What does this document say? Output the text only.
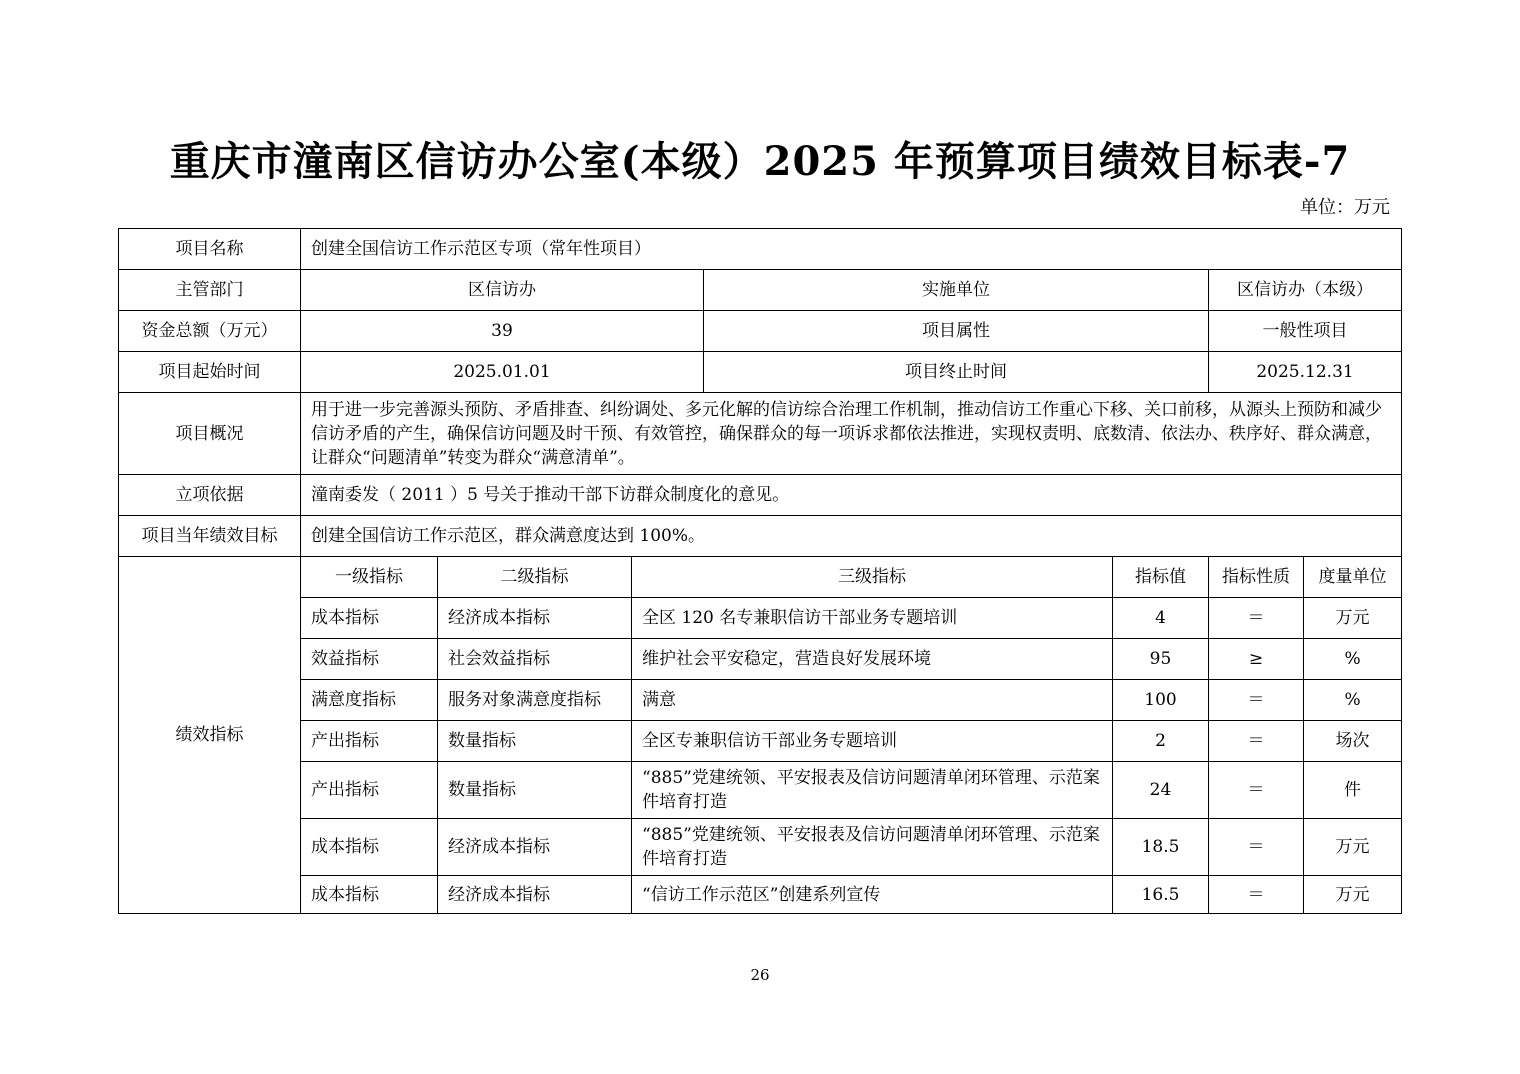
重庆市潼南区信访办公室(本级）2025 年预算项目绩效目标表-7
单位：万元
项目名称	创建全国信访工作示范区专项（常年性项目）						
主管部门	区信访办			实施单位		区信访办（本级）	
资金总额（万元）	39			项目属性		一般性项目	
项目起始时间	2025.01.01			项目终止时间		2025.12.31	
项目概况	用于进一步完善源头预防、矛盾排查、纠纷调处、多元化解的信访综合治理工作机制，推动信访工作重心下移、关口前移，从源头上预防和减少信访矛盾的产生，确保信访问题及时干预、有效管控，确保群众的每一项诉求都依法推进，实现权责明、底数清、依法办、秩序好、群众满意，让群众“问题清单”转变为群众“满意清单”。						
立项依据	潼南委发（ 2011 ）5 号关于推动干部下访群众制度化的意见。						
项目当年绩效目标	创建全国信访工作示范区，群众满意度达到 100%。						
绩效指标	一级指标	二级指标	三级指标		指标值	指标性质	度量单位
	成本指标	经济成本指标	全区 120 名专兼职信访干部业务专题培训		4	＝	万元
	效益指标	社会效益指标	维护社会平安稳定，营造良好发展环境		95	≥	%
	满意度指标	服务对象满意度指标	满意		100	＝	%
	产出指标	数量指标	全区专兼职信访干部业务专题培训		2	＝	场次
	产出指标	数量指标	“885”党建统领、平安报表及信访问题清单闭环管理、示范案件培育打造		24	＝	件
	成本指标	经济成本指标	“885”党建统领、平安报表及信访问题清单闭环管理、示范案件培育打造		18.5	＝	万元
	成本指标	经济成本指标	“信访工作示范区”创建系列宣传		16.5	＝	万元
26
